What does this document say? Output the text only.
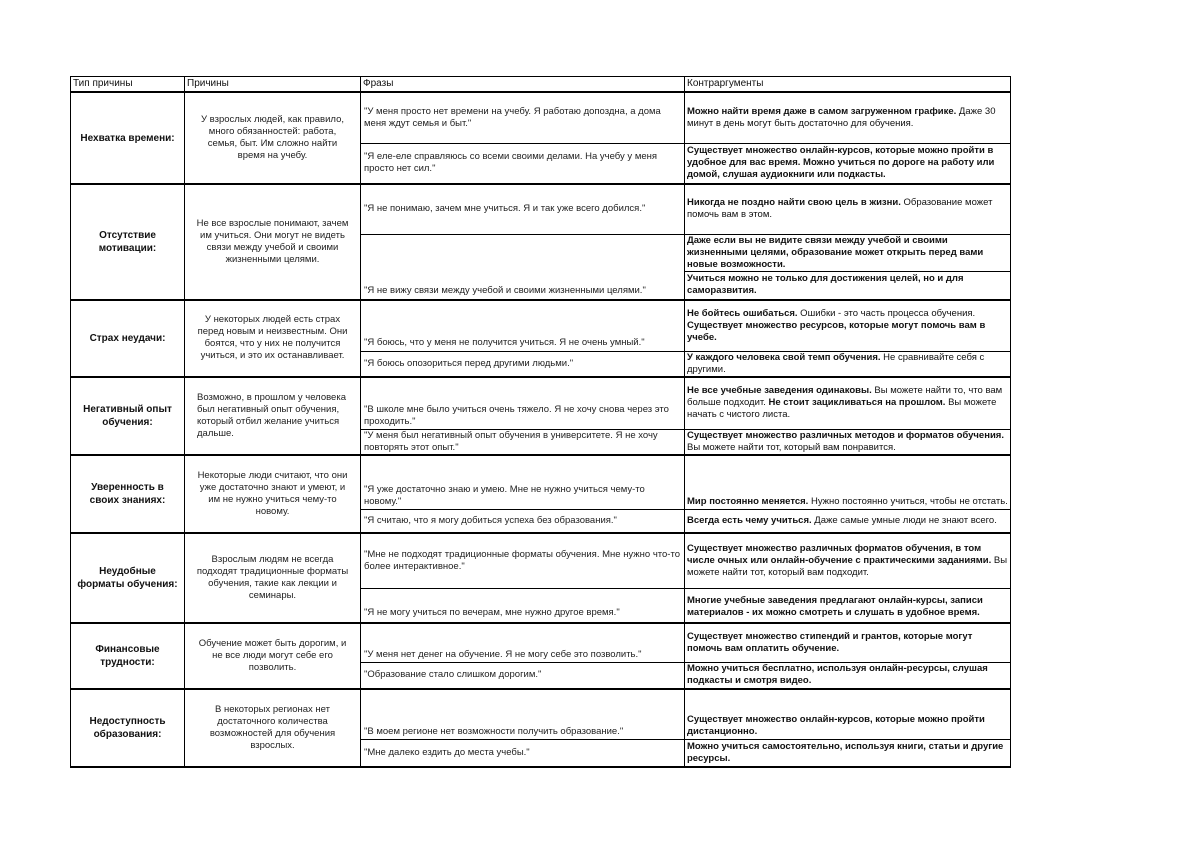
Тип причины	Причины	Фразы	Контраргументы
Нехватка времени:	У взрослых людей, как правило, много обязанностей: работа, семья, быт. Им сложно найти время на учебу.	"У меня просто нет времени на учебу. Я работаю допоздна, а дома меня ждут семья и быт."	Можно найти время даже в самом загруженном графике. Даже 30 минут в день могут быть достаточно для обучения.
		"Я еле-еле справляюсь со всеми своими делами. На учебу у меня просто нет сил."	Существует множество онлайн-курсов, которые можно пройти в удобное для вас время. Можно учиться по дороге на работу или домой, слушая аудиокниги или подкасты.
Отсутствие мотивации:	Не все взрослые понимают, зачем им учиться. Они могут не видеть связи между учебой и своими жизненными целями.	"Я не понимаю, зачем мне учиться. Я и так уже всего добился."	Никогда не поздно найти свою цель в жизни. Образование может помочь вам в этом.
		"Я не вижу связи между учебой и своими жизненными целями."	Даже если вы не видите связи между учебой и своими жизненными целями, образование может открыть перед вами новые возможности.
			Учиться можно не только для достижения целей, но и для саморазвития.
Страх неудачи:	У некоторых людей есть страх перед новым и неизвестным. Они боятся, что у них не получится учиться, и это их останавливает.	"Я боюсь, что у меня не получится учиться. Я не очень умный."	Не бойтесь ошибаться. Ошибки - это часть процесса обучения. Существует множество ресурсов, которые могут помочь вам в учебе.
		"Я боюсь опозориться перед другими людьми."	У каждого человека свой темп обучения. Не сравнивайте себя с другими.
Негативный опыт обучения:	Возможно, в прошлом у человека был негативный опыт обучения, который отбил желание учиться дальше.	"В школе мне было учиться очень тяжело. Я не хочу снова через это проходить."	Не все учебные заведения одинаковы. Вы можете найти то, что вам больше подходит. Не стоит зацикливаться на прошлом. Вы можете начать с чистого листа.
		"У меня был негативный опыт обучения в университете. Я не хочу повторять этот опыт."	Существует множество различных методов и форматов обучения. Вы можете найти тот, который вам понравится.
Уверенность в своих знаниях:	Некоторые люди считают, что они уже достаточно знают и умеют, и им не нужно учиться чему-то новому.	"Я уже достаточно знаю и умею. Мне не нужно учиться чему-то новому."	Мир постоянно меняется. Нужно постоянно учиться, чтобы не отстать.
		"Я считаю, что я могу добиться успеха без образования."	Всегда есть чему учиться. Даже самые умные люди не знают всего.
Неудобные форматы обучения:	Взрослым людям не всегда подходят традиционные форматы обучения, такие как лекции и семинары.	"Мне не подходят традиционные форматы обучения. Мне нужно что-то более интерактивное."	Существует множество различных форматов обучения, в том числе очных или онлайн-обучение с практическими заданиями. Вы можете найти тот, который вам подходит.
		"Я не могу учиться по вечерам, мне нужно другое время."	Многие учебные заведения предлагают онлайн-курсы, записи материалов - их можно смотреть и слушать в удобное время.
Финансовые трудности:	Обучение может быть дорогим, и не все люди могут себе его позволить.	"У меня нет денег на обучение. Я не могу себе это позволить."	Существует множество стипендий и грантов, которые могут помочь вам оплатить обучение.
		"Образование стало слишком дорогим."	Можно учиться бесплатно, используя онлайн-ресурсы, слушая подкасты и смотря видео.
Недоступность образования:	В некоторых регионах нет достаточного количества возможностей для обучения взрослых.	"В моем регионе нет возможности получить образование."	Существует множество онлайн-курсов, которые можно пройти дистанционно.
		"Мне далеко ездить до места учебы."	Можно учиться самостоятельно, используя книги, статьи и другие ресурсы.
